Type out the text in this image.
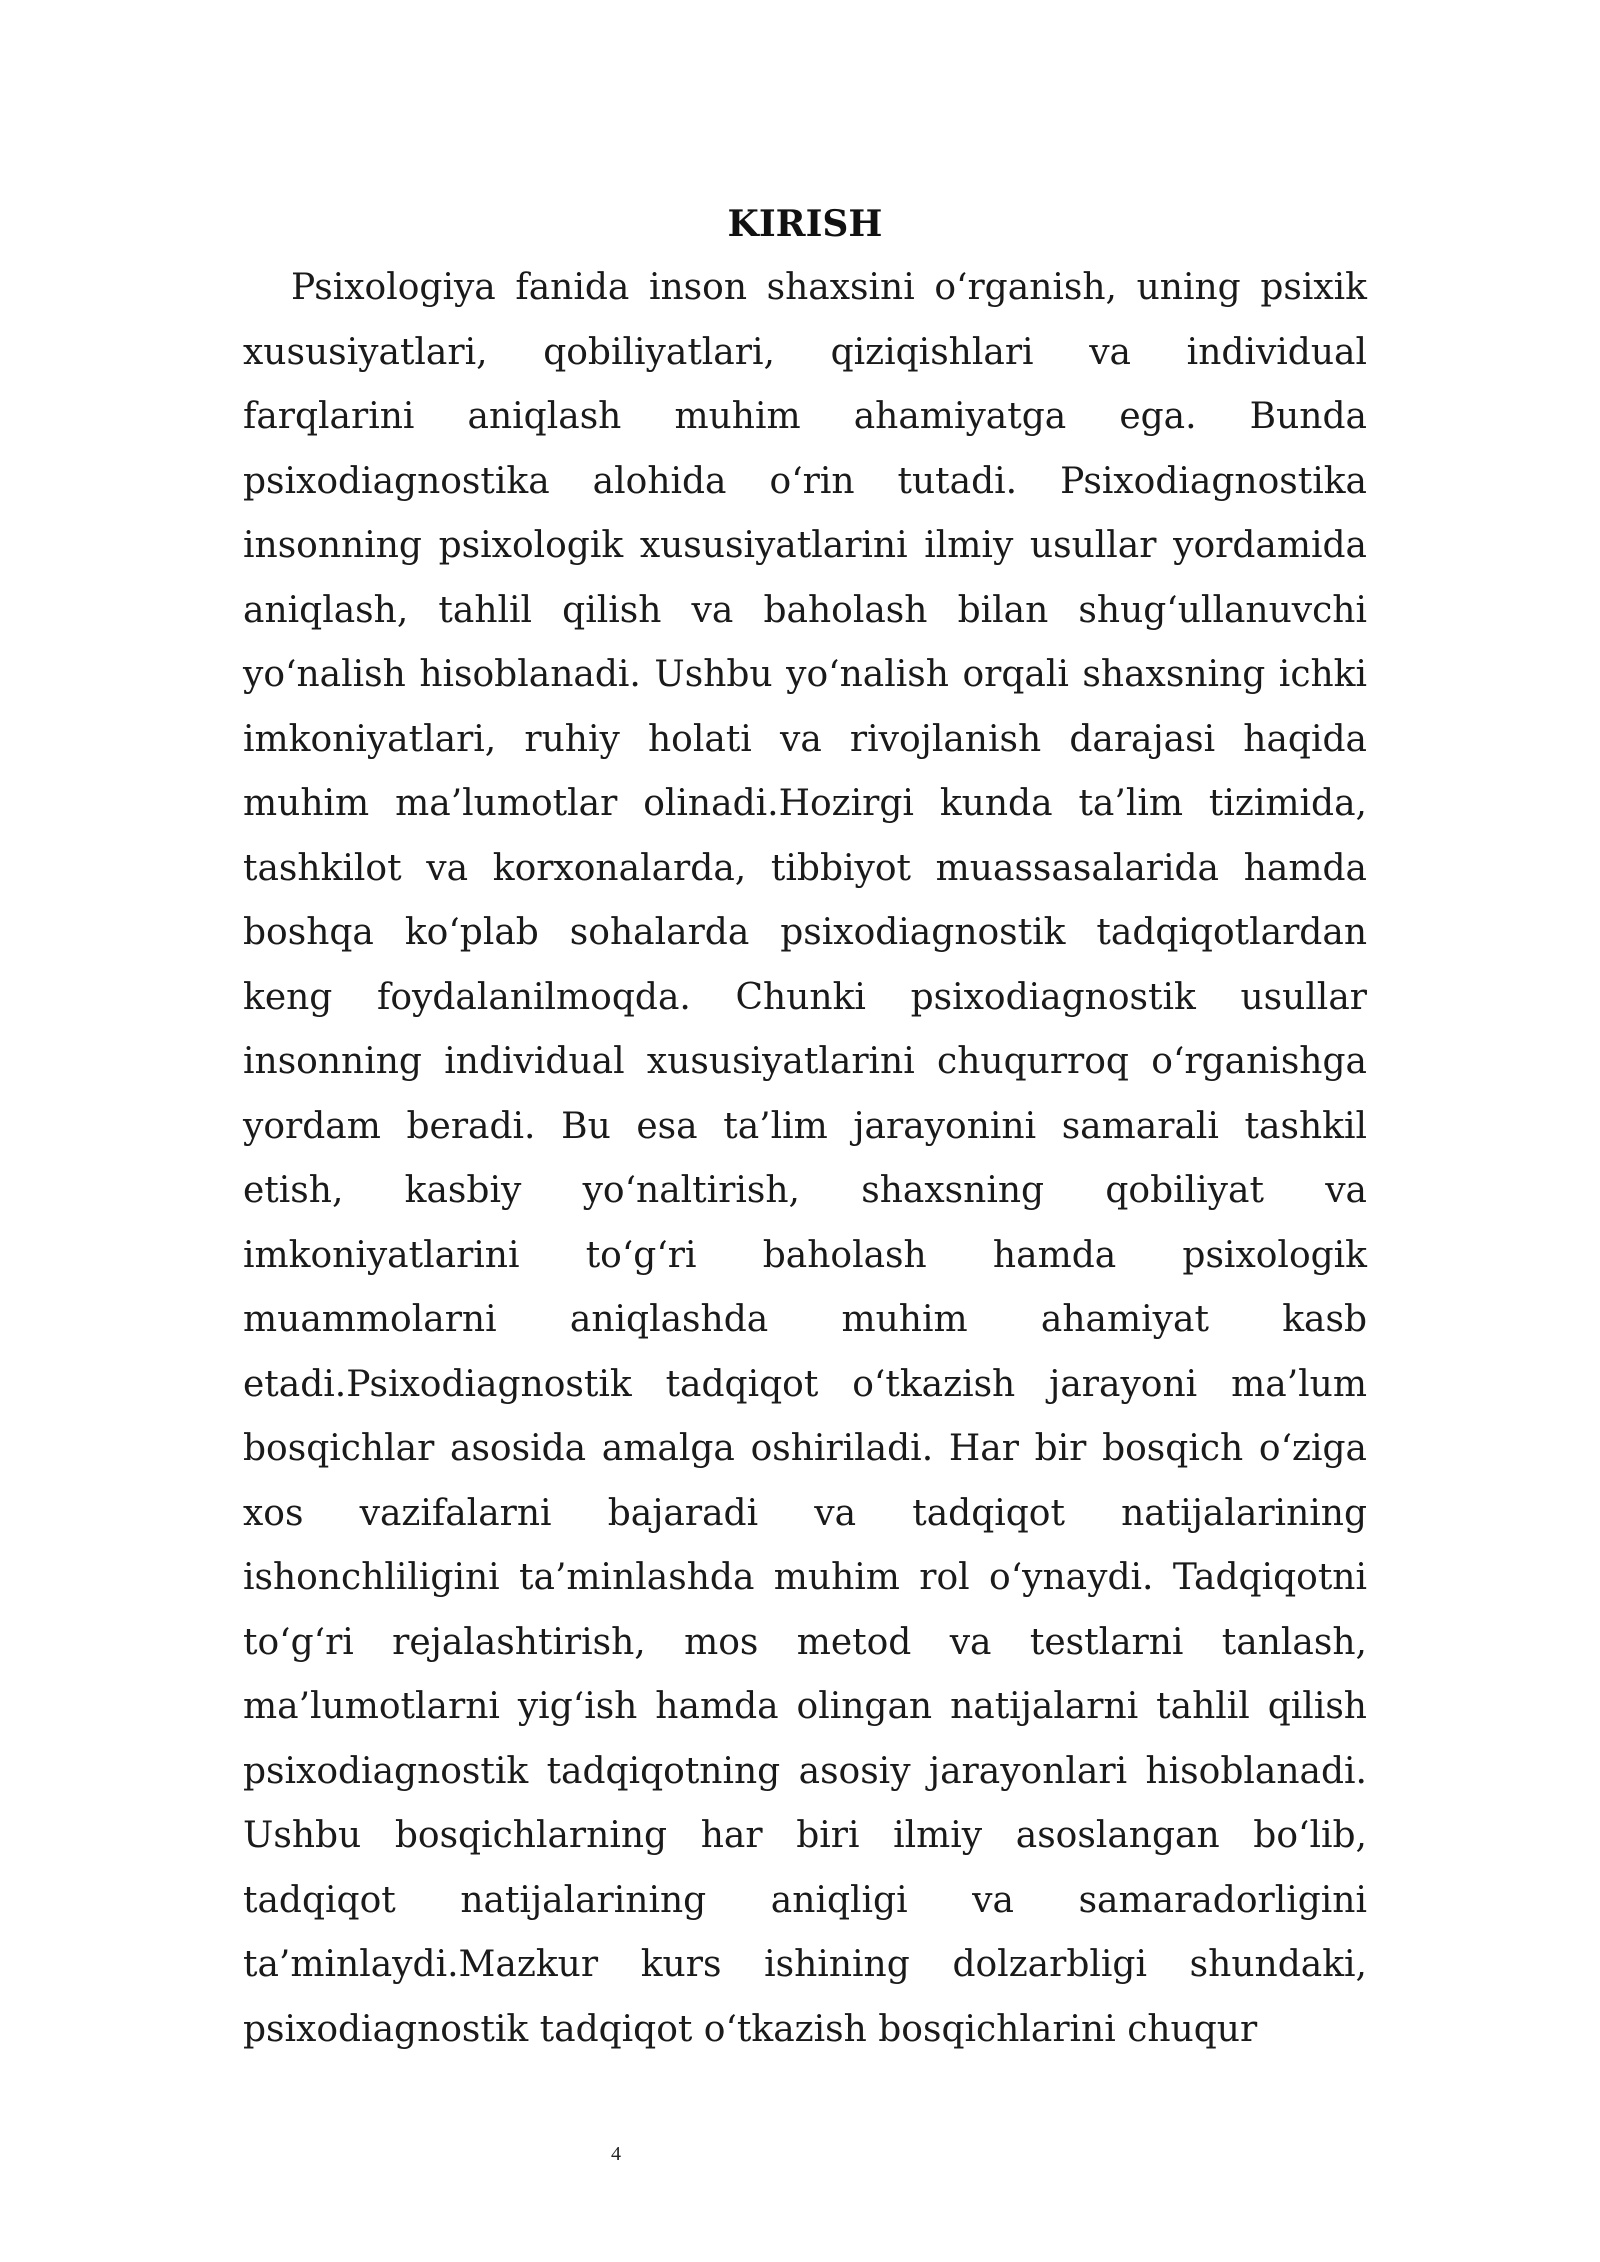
KIRISH

Psixologiya fanida inson shaxsini o‘rganish, uning psixik xususiyatlari, qobiliyatlari, qiziqishlari va individual farqlarini aniqlash muhim ahamiyatga ega. Bunda psixodiagnostika alohida o‘rin tutadi. Psixodiagnostika insonning psixologik xususiyatlarini ilmiy usullar yordamida aniqlash, tahlil qilish va baholash bilan shug‘ullanuvchi yo‘nalish hisoblanadi. Ushbu yo‘nalish orqali shaxsning ichki imkoniyatlari, ruhiy holati va rivojlanish darajasi haqida muhim ma’lumotlar olinadi.Hozirgi kunda ta’lim tizimida, tashkilot va korxonalarda, tibbiyot muassasalarida hamda boshqa ko‘plab sohalarda psixodiagnostik tadqiqotlardan keng foydalanilmoqda. Chunki psixodiagnostik usullar insonning individual xususiyatlarini chuqurroq o‘rganishga yordam beradi. Bu esa ta’lim jarayonini samarali tashkil etish, kasbiy yo‘naltirish, shaxsning qobiliyat va imkoniyatlarini to‘g‘ri baholash hamda psixologik muammolarni aniqlashda muhim ahamiyat kasb etadi.Psixodiagnostik tadqiqot o‘tkazish jarayoni ma’lum bosqichlar asosida amalga oshiriladi. Har bir bosqich o‘ziga xos vazifalarni bajaradi va tadqiqot natijalarining ishonchliligini ta’minlashda muhim rol o‘ynaydi. Tadqiqotni to‘g‘ri rejalashtirish, mos metod va testlarni tanlash, ma’lumotlarni yig‘ish hamda olingan natijalarni tahlil qilish psixodiagnostik tadqiqotning asosiy jarayonlari hisoblanadi. Ushbu bosqichlarning har biri ilmiy asoslangan bo‘lib, tadqiqot natijalarining aniqligi va samaradorligini ta’minlaydi.Mazkur kurs ishining dolzarbligi shundaki, psixodiagnostik tadqiqot o‘tkazish bosqichlarini chuqur

4
